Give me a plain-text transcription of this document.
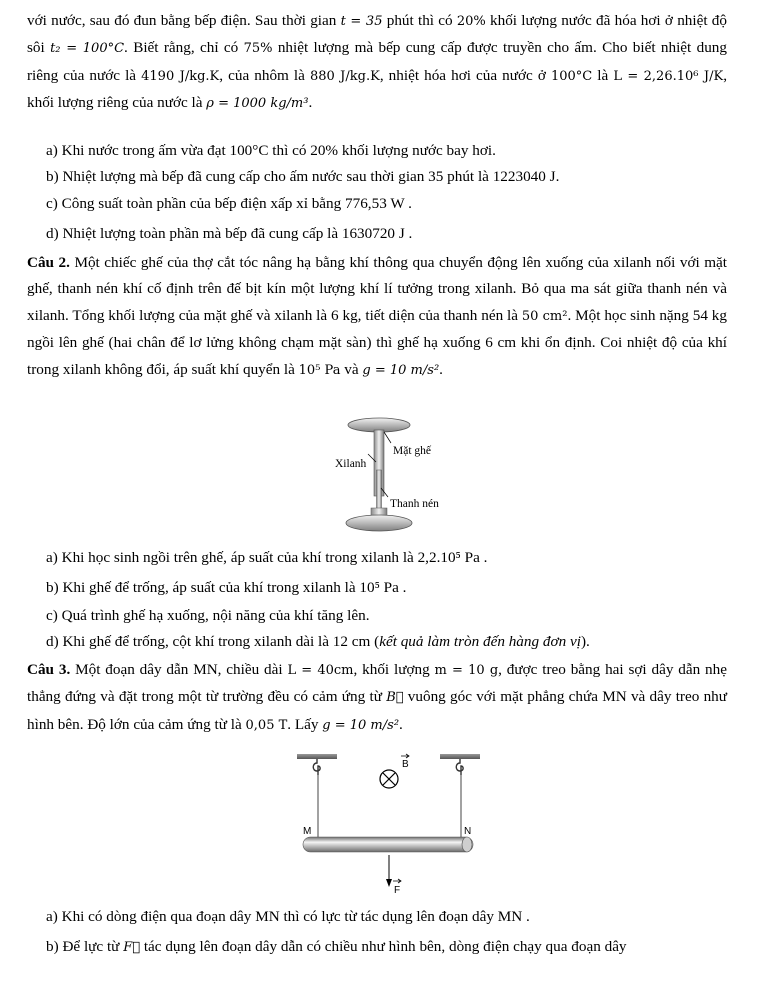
với nước, sau đó đun bằng bếp điện. Sau thời gian t = 35 phút thì có 20% khối lượng nước đã hóa hơi ở nhiệt độ sôi t₂ = 100°C. Biết rằng, chỉ có 75% nhiệt lượng mà bếp cung cấp được truyền cho ấm. Cho biết nhiệt dung riêng của nước là 4190 J/kg.K, của nhôm là 880 J/kg.K, nhiệt hóa hơi của nước ở 100°C là L = 2,26.10⁶ J/K, khối lượng riêng của nước là ρ = 1000 kg/m³.

a) Khi nước trong ấm vừa đạt 100°C thì có 20% khối lượng nước bay hơi.

b) Nhiệt lượng mà bếp đã cung cấp cho ấm nước sau thời gian 35 phút là 1223040 J.

c) Công suất toàn phần của bếp điện xấp xỉ bằng 776,53 W .

d) Nhiệt lượng toàn phần mà bếp đã cung cấp là 1630720 J .

Câu 2. Một chiếc ghế của thợ cắt tóc nâng hạ bằng khí thông qua chuyển động lên xuống của xilanh nối với mặt ghế, thanh nén khí cố định trên đế bịt kín một lượng khí lí tưởng trong xilanh. Bỏ qua ma sát giữa thanh nén và xilanh. Tổng khối lượng của mặt ghế và xilanh là 6 kg, tiết diện của thanh nén là 50 cm². Một học sinh nặng 54 kg ngồi lên ghế (hai chân để lơ lửng không chạm mặt sàn) thì ghế hạ xuống 6 cm khi ổn định. Coi nhiệt độ của khí trong xilanh không đổi, áp suất khí quyển là 10⁵ Pa và g = 10 m/s².

Xilanh
Mặt ghế
Thanh nén

a) Khi học sinh ngồi trên ghế, áp suất của khí trong xilanh là 2,2.10⁵ Pa .

b) Khi ghế để trống, áp suất của khí trong xilanh là 10⁵ Pa .

c) Quá trình ghế hạ xuống, nội năng của khí tăng lên.

d) Khi ghế để trống, cột khí trong xilanh dài là 12 cm (kết quả làm tròn đến hàng đơn vị).

Câu 3. Một đoạn dây dẫn MN, chiều dài L = 40cm, khối lượng m = 10 g, được treo bằng hai sợi dây dẫn nhẹ thẳng đứng và đặt trong một từ trường đều có cảm ứng từ B⃗ vuông góc với mặt phẳng chứa MN và dây treo như hình bên. Độ lớn của cảm ứng từ là 0,05 T. Lấy g = 10 m/s².

B
M	N
F

a) Khi có dòng điện qua đoạn dây MN thì có lực từ tác dụng lên đoạn dây MN .

b) Để lực từ F⃗ tác dụng lên đoạn dây dẫn có chiều như hình bên, dòng điện chạy qua đoạn dây
